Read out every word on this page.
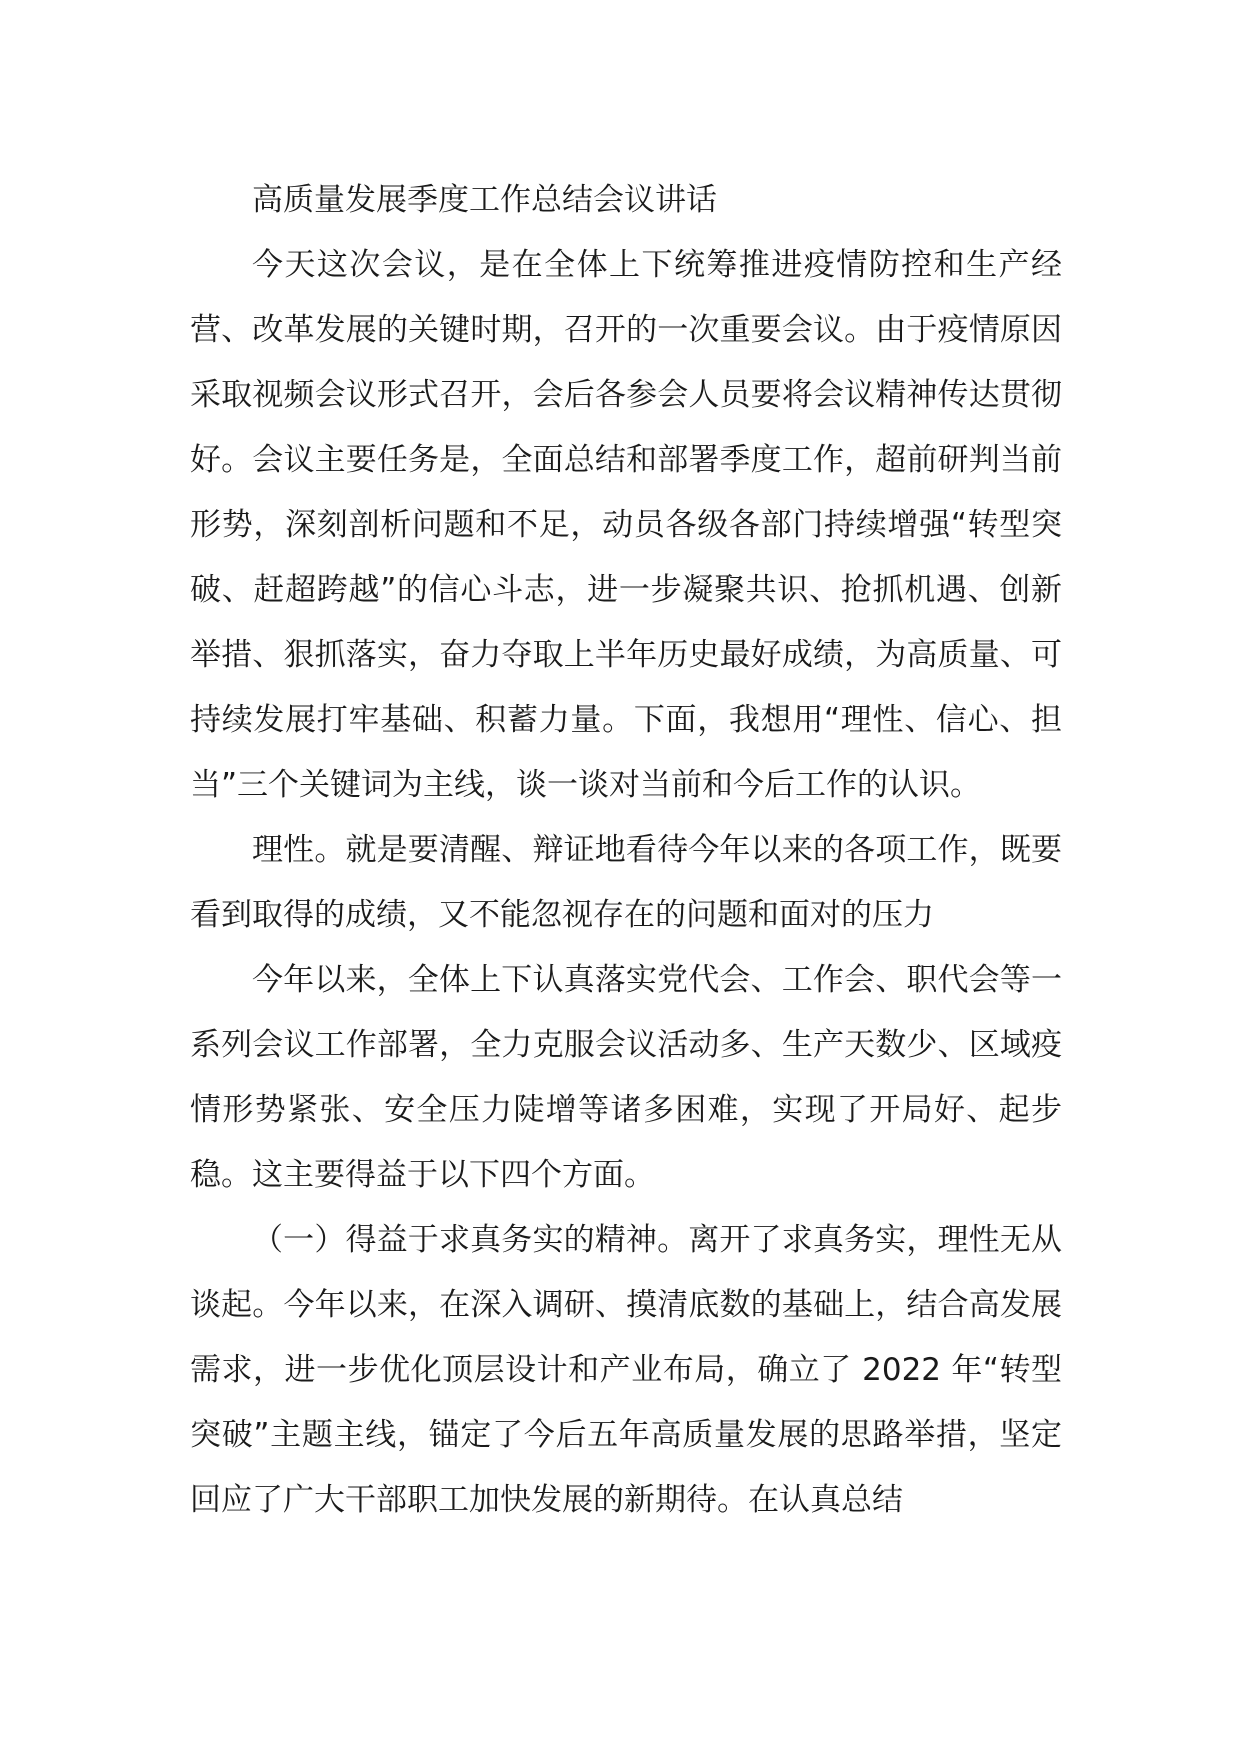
高质量发展季度工作总结会议讲话

今天这次会议，是在全体上下统筹推进疫情防控和生产经营、改革发展的关键时期，召开的一次重要会议。由于疫情原因采取视频会议形式召开，会后各参会人员要将会议精神传达贯彻好。会议主要任务是，全面总结和部署季度工作，超前研判当前形势，深刻剖析问题和不足，动员各级各部门持续增强“转型突破、赶超跨越”的信心斗志，进一步凝聚共识、抢抓机遇、创新举措、狠抓落实，奋力夺取上半年历史最好成绩，为高质量、可持续发展打牢基础、积蓄力量。下面，我想用“理性、信心、担当”三个关键词为主线，谈一谈对当前和今后工作的认识。

理性。就是要清醒、辩证地看待今年以来的各项工作，既要看到取得的成绩，又不能忽视存在的问题和面对的压力

今年以来，全体上下认真落实党代会、工作会、职代会等一系列会议工作部署，全力克服会议活动多、生产天数少、区域疫情形势紧张、安全压力陡增等诸多困难，实现了开局好、起步稳。这主要得益于以下四个方面。

（一）得益于求真务实的精神。离开了求真务实，理性无从谈起。今年以来，在深入调研、摸清底数的基础上，结合高发展需求，进一步优化顶层设计和产业布局，确立了 2022 年“转型突破”主题主线，锚定了今后五年高质量发展的思路举措，坚定回应了广大干部职工加快发展的新期待。在认真总结
